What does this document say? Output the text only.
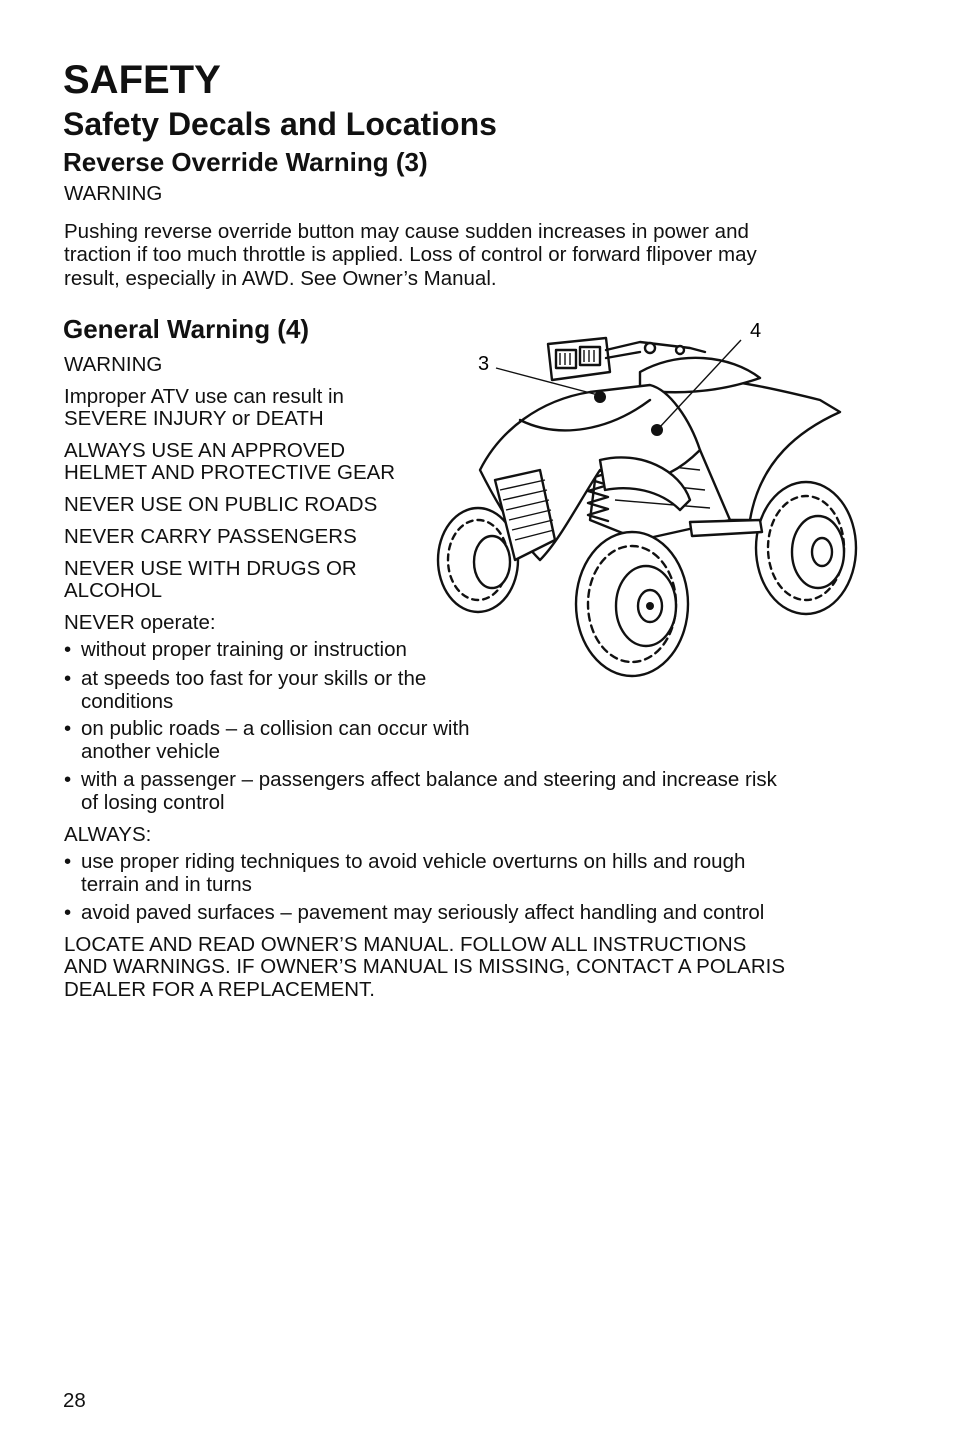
SAFETY
Safety Decals and Locations
Reverse Override Warning (3)

WARNING

Pushing reverse override button may cause sudden increases in power and

traction if too much throttle is applied. Loss of control or forward flipover may

result, especially in AWD. See Owner’s Manual.

General Warning (4)

WARNING

Improper ATV use can result in

SEVERE INJURY or DEATH

ALWAYS USE AN APPROVED

HELMET AND PROTECTIVE GEAR

NEVER USE ON PUBLIC ROADS

NEVER CARRY PASSENGERS

NEVER USE WITH DRUGS OR

ALCOHOL

NEVER operate:

• without proper training or instruction
• at speeds too fast for your skills or the
conditions
• on public roads – a collision can occur with
another vehicle
• with a passenger – passengers affect balance and steering and increase risk
of losing control

ALWAYS:

• use proper riding techniques to avoid vehicle overturns on hills and rough
terrain and in turns
• avoid paved surfaces – pavement may seriously affect handling and control

LOCATE AND READ OWNER’S MANUAL. FOLLOW ALL INSTRUCTIONS

AND WARNINGS. IF OWNER’S MANUAL IS MISSING, CONTACT A POLARIS

DEALER FOR A REPLACEMENT.

3
4

28
